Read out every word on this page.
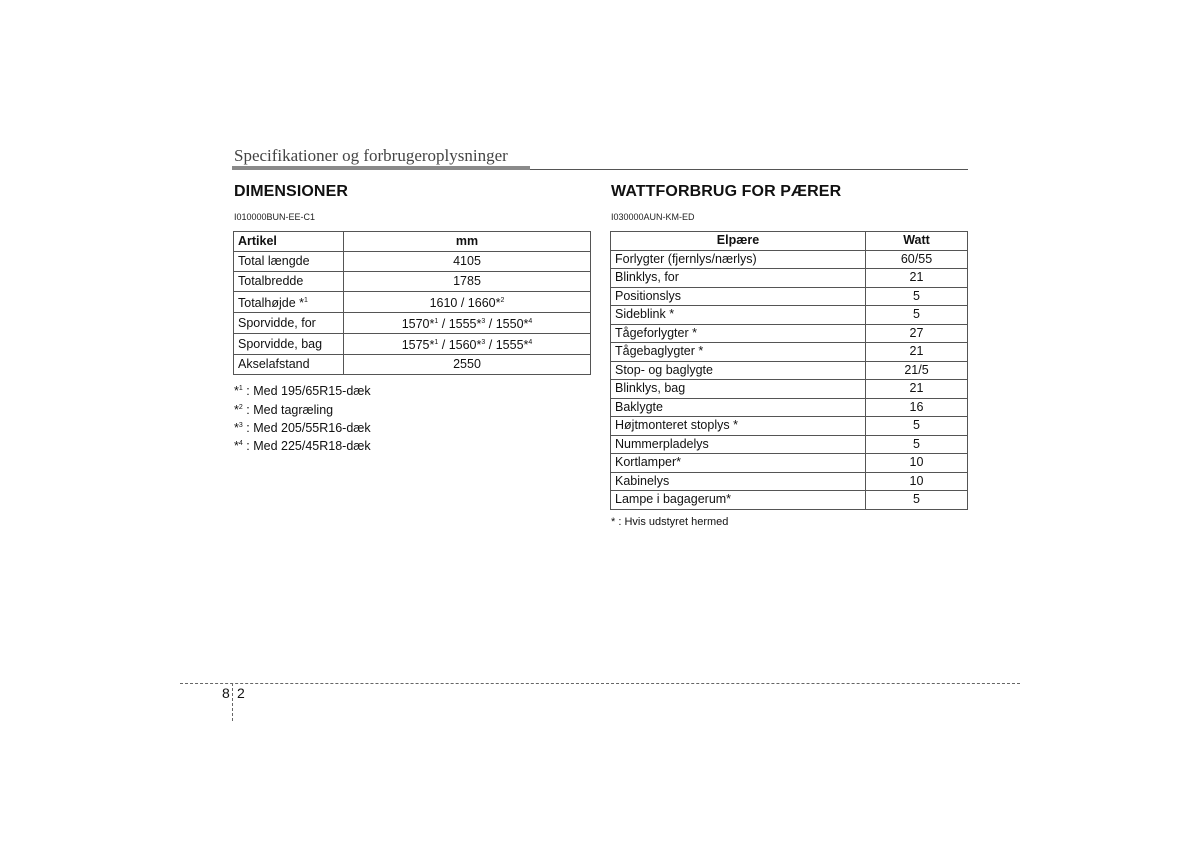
Specifikationer og forbrugeroplysninger
DIMENSIONER
I010000BUN-EE-C1
Artikel	mm
Total længde	4105
Totalbredde	1785
Totalhøjde *$^1$	1610 / 1660*$^2$
Sporvidde, for	1570*$^1$ / 1555*$^3$ / 1550*$^4$
Sporvidde, bag	1575*$^1$ / 1560*$^3$ / 1555*$^4$
Akselafstand	2550
*$^1$ : Med 195/65R15-dæk
*$^2$ : Med tagræling
*$^3$ : Med 205/55R16-dæk
*$^4$ : Med 225/45R18-dæk
WATTFORBRUG FOR PÆRER
I030000AUN-KM-ED
Elpære	Watt
Forlygter (fjernlys/nærlys)	60/55
Blinklys, for	21
Positionslys	5
Sideblink *	5
Tågeforlygter *	27
Tågebaglygter *	21
Stop- og baglygte	21/5
Blinklys, bag	21
Baklygte	16
Højtmonteret stoplys *	5
Nummerpladelys	5
Kortlamper*	10
Kabinelys	10
Lampe i bagagerum*	5
* : Hvis udstyret hermed
8 2
